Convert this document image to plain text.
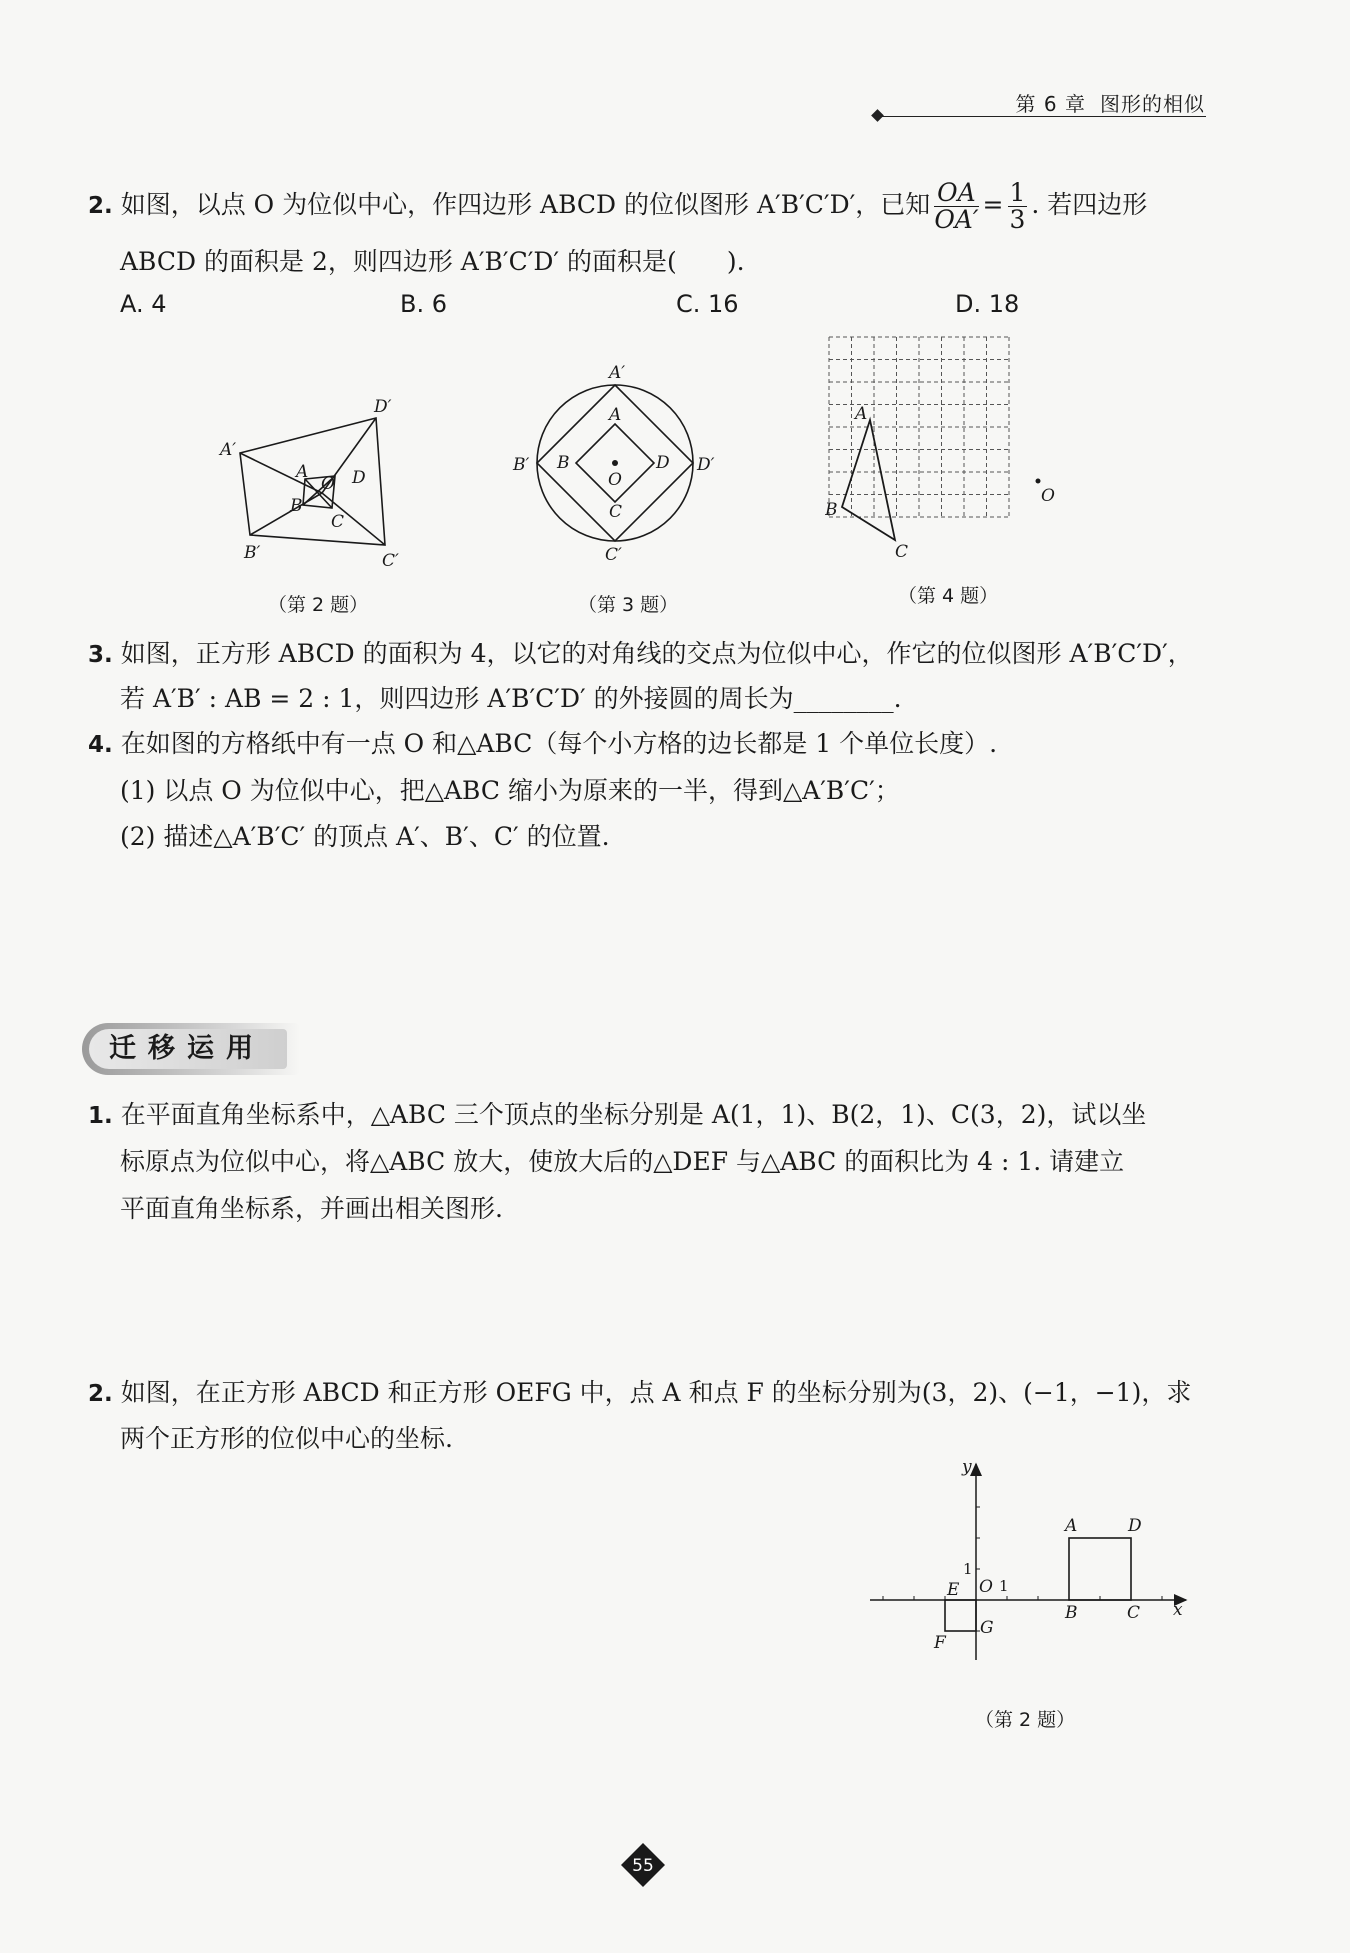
第 6 章 图形的相似
2. 如图，以点 O 为位似中心，作四边形 ABCD 的位似图形 A′B′C′D′，已知 $\frac{OA}{OA'} = \frac{1}{3}$ . 若四边形
ABCD 的面积是 2，则四边形 A′B′C′D′ 的面积是(　　).
A. 4	B. 6	C. 16	D. 18
A′
D′
B′	C′
A
B
C
D
O
（第 2 题）
A′
B′
C′
D′
A
B
C
D
O
（第 3 题）
A
B
C
O
（第 4 题）
3. 如图，正方形 ABCD 的面积为 4，以它的对角线的交点为位似中心，作它的位似图形 A′B′C′D′，
若 A′B′ : AB = 2 : 1，则四边形 A′B′C′D′ 的外接圆的周长为________.
4. 在如图的方格纸中有一点 O 和△ABC（每个小方格的边长都是 1 个单位长度）.
(1) 以点 O 为位似中心，把△ABC 缩小为原来的一半，得到△A′B′C′；
(2) 描述△A′B′C′ 的顶点 A′、B′、C′ 的位置.
迁移运用
1. 在平面直角坐标系中，△ABC 三个顶点的坐标分别是 A(1，1)、B(2，1)、C(3，2)，试以坐
标原点为位似中心，将△ABC 放大，使放大后的△DEF 与△ABC 的面积比为 4 : 1. 请建立
平面直角坐标系，并画出相关图形.
2. 如图，在正方形 ABCD 和正方形 OEFG 中，点 A 和点 F 的坐标分别为(3，2)、(−1，−1)，求
两个正方形的位似中心的坐标.
y
x
A	D
B	C
E O
F
G
1
1
（第 2 题）
55
